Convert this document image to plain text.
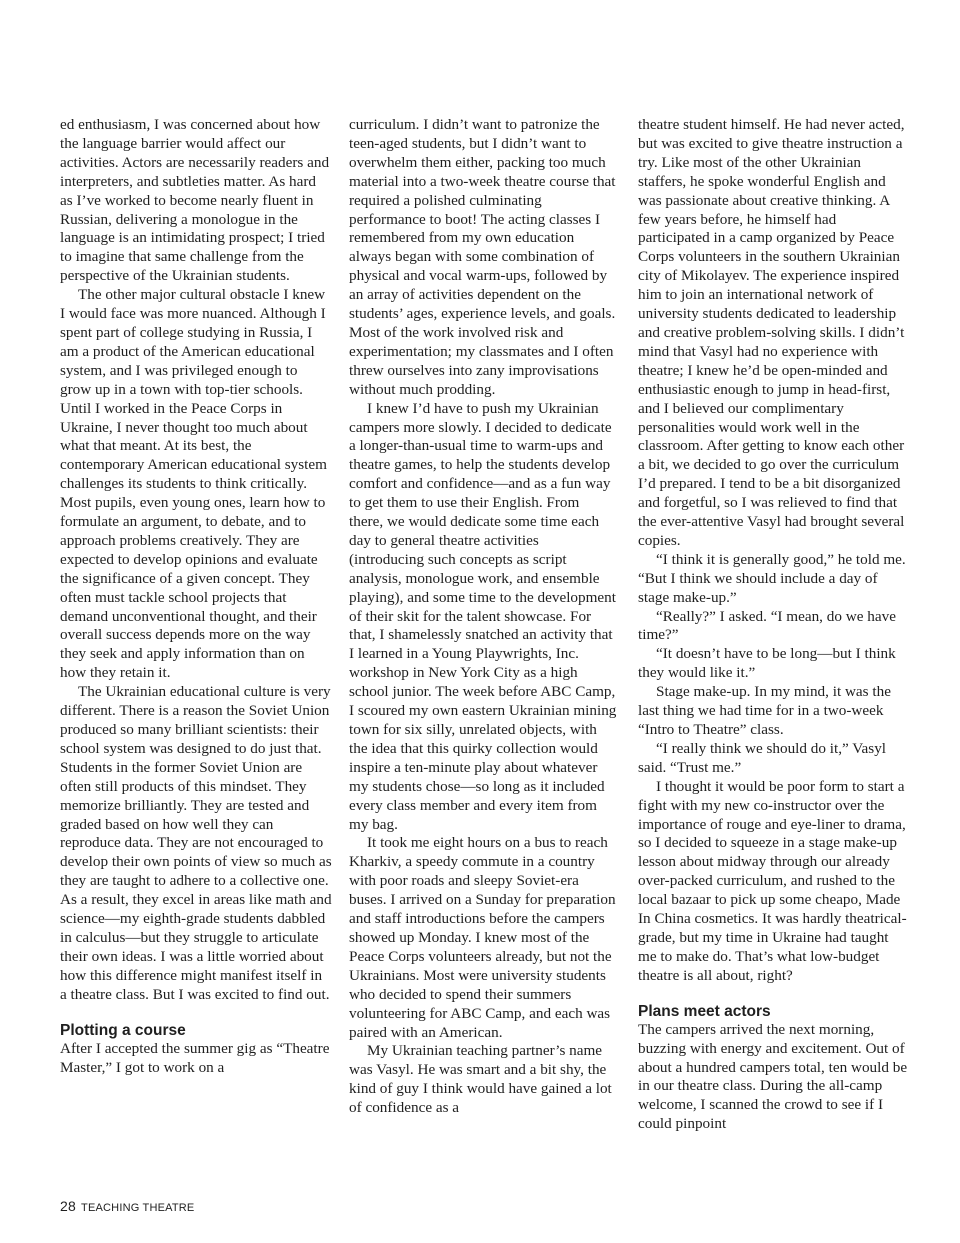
ed enthusiasm, I was concerned about how the language barrier would affect our activities. Actors are necessarily readers and interpreters, and subtleties matter. As hard as I’ve worked to become nearly fluent in Russian, delivering a monologue in the language is an intimidating prospect; I tried to imagine that same challenge from the perspective of the Ukrainian students.

The other major cultural obstacle I knew I would face was more nuanced. Although I spent part of college studying in Russia, I am a product of the American educational system, and I was privileged enough to grow up in a town with top-tier schools. Until I worked in the Peace Corps in Ukraine, I never thought too much about what that meant. At its best, the contemporary American educational system challenges its students to think critically. Most pupils, even young ones, learn how to formulate an argument, to debate, and to approach problems creatively. They are expected to develop opinions and evaluate the significance of a given concept. They often must tackle school projects that demand unconventional thought, and their overall success depends more on the way they seek and apply information than on how they retain it.

The Ukrainian educational culture is very different. There is a reason the Soviet Union produced so many brilliant scientists: their school system was designed to do just that. Students in the former Soviet Union are often still products of this mindset. They memorize brilliantly. They are tested and graded based on how well they can reproduce data. They are not encouraged to develop their own points of view so much as they are taught to adhere to a collective one. As a result, they excel in areas like math and science—my eighth-grade students dabbled in calculus—but they struggle to articulate their own ideas. I was a little worried about how this difference might manifest itself in a theatre class. But I was excited to find out.

Plotting a course

After I accepted the summer gig as “Theatre Master,” I got to work on a

curriculum. I didn’t want to patronize the teen-aged students, but I didn’t want to overwhelm them either, packing too much material into a two-week theatre course that required a polished culminating performance to boot! The acting classes I remembered from my own education always began with some combination of physical and vocal warm-ups, followed by an array of activities dependent on the students’ ages, experience levels, and goals. Most of the work involved risk and experimentation; my classmates and I often threw ourselves into zany improvisations without much prodding.

I knew I’d have to push my Ukrainian campers more slowly. I decided to dedicate a longer-than-usual time to warm-ups and theatre games, to help the students develop comfort and confidence—and as a fun way to get them to use their English. From there, we would dedicate some time each day to general theatre activities (introducing such concepts as script analysis, monologue work, and ensemble playing), and some time to the development of their skit for the talent showcase. For that, I shamelessly snatched an activity that I learned in a Young Playwrights, Inc. workshop in New York City as a high school junior. The week before ABC Camp, I scoured my own eastern Ukrainian mining town for six silly, unrelated objects, with the idea that this quirky collection would inspire a ten-minute play about whatever my students chose—so long as it included every class member and every item from my bag.

It took me eight hours on a bus to reach Kharkiv, a speedy commute in a country with poor roads and sleepy Soviet-era buses. I arrived on a Sunday for preparation and staff introductions before the campers showed up Monday. I knew most of the Peace Corps volunteers already, but not the Ukrainians. Most were university students who decided to spend their summers volunteering for ABC Camp, and each was paired with an American.

My Ukrainian teaching partner’s name was Vasyl. He was smart and a bit shy, the kind of guy I think would have gained a lot of confidence as a

theatre student himself. He had never acted, but was excited to give theatre instruction a try. Like most of the other Ukrainian staffers, he spoke wonderful English and was passionate about creative thinking. A few years before, he himself had participated in a camp organized by Peace Corps volunteers in the southern Ukrainian city of Mikolayev. The experience inspired him to join an international network of university students dedicated to leadership and creative problem-solving skills. I didn’t mind that Vasyl had no experience with theatre; I knew he’d be open-minded and enthusiastic enough to jump in head-first, and I believed our complimentary personalities would work well in the classroom. After getting to know each other a bit, we decided to go over the curriculum I’d prepared. I tend to be a bit disorganized and forgetful, so I was relieved to find that the ever-attentive Vasyl had brought several copies.

“I think it is generally good,” he told me. “But I think we should include a day of stage make-up.”

“Really?” I asked. “I mean, do we have time?”

“It doesn’t have to be long—but I think they would like it.”

Stage make-up. In my mind, it was the last thing we had time for in a two-week “Intro to Theatre” class.

“I really think we should do it,” Vasyl said. “Trust me.”

I thought it would be poor form to start a fight with my new co-instructor over the importance of rouge and eye-liner to drama, so I decided to squeeze in a stage make-up lesson about midway through our already over-packed curriculum, and rushed to the local bazaar to pick up some cheapo, Made In China cosmetics. It was hardly theatrical-grade, but my time in Ukraine had taught me to make do. That’s what low-budget theatre is all about, right?

Plans meet actors

The campers arrived the next morning, buzzing with energy and excitement. Out of about a hundred campers total, ten would be in our theatre class. During the all-camp welcome, I scanned the crowd to see if I could pinpoint

28 TEACHING THEATRE
